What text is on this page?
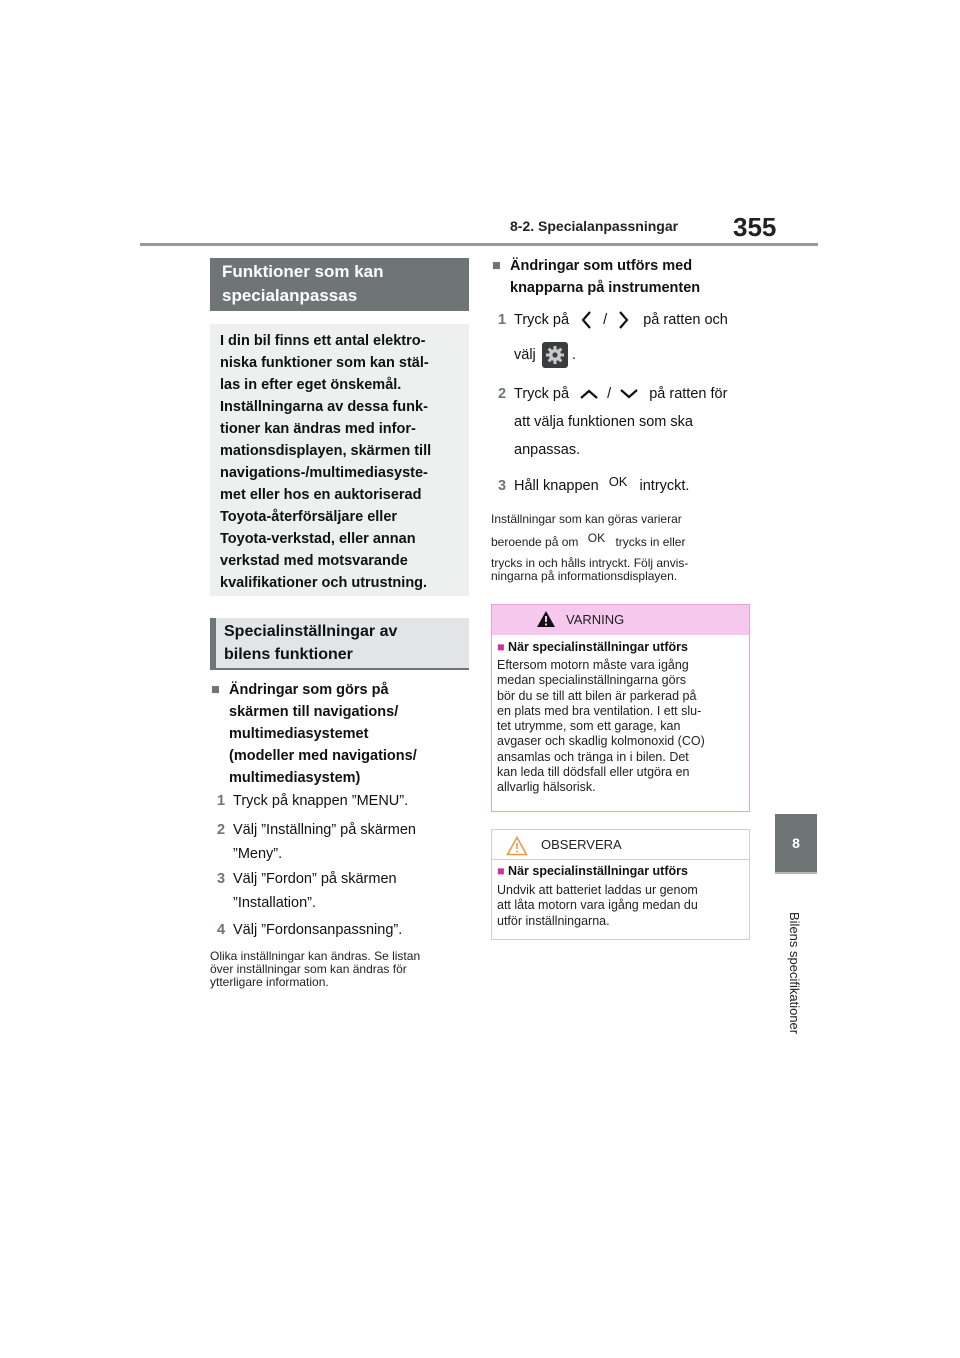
8-2. Specialanpassningar 355
8
Bilens specifikationer
Funktioner som kan
specialanpassas
I din bil finns ett antal elektro-
niska funktioner som kan stäl-
las in efter eget önskemål.
Inställningarna av dessa funk-
tioner kan ändras med infor-
mationsdisplayen, skärmen till
navigations-/multimediasyste-
met eller hos en auktoriserad
Toyota-återförsäljare eller
Toyota-verkstad, eller annan
verkstad med motsvarande
kvalifikationer och utrustning.
Specialinställningar av
bilens funktioner
■ Ändringar som görs på
skärmen till navigations/
multimediasystemet
(modeller med navigations/
multimediasystem)
1 Tryck på knappen ”MENU”.
2 Välj ”Inställning” på skärmen
”Meny”.
3 Välj ”Fordon” på skärmen
”Installation”.
4 Välj ”Fordonsanpassning”.
Olika inställningar kan ändras. Se listan
över inställningar som kan ändras för
ytterligare information.
■ Ändringar som utförs med
knapparna på instrumenten
1 Tryck på / på ratten och
välj .
2 Tryck på	/	på ratten för
att välja funktionen som ska
anpassas.
3 Håll knappen OK intryckt.
Inställningar som kan göras varierar
beroende på om OK trycks in eller
trycks in och hålls intryckt. Följ anvis-
ningarna på informationsdisplayen.
VARNING
■ När specialinställningar utförs
Eftersom motorn måste vara igång
medan specialinställningarna görs
bör du se till att bilen är parkerad på
en plats med bra ventilation. I ett slu-
tet utrymme, som ett garage, kan
avgaser och skadlig kolmonoxid (CO)
ansamlas och tränga in i bilen. Det
kan leda till dödsfall eller utgöra en
allvarlig hälsorisk.
OBSERVERA
■ När specialinställningar utförs
Undvik att batteriet laddas ur genom
att låta motorn vara igång medan du
utför inställningarna.
